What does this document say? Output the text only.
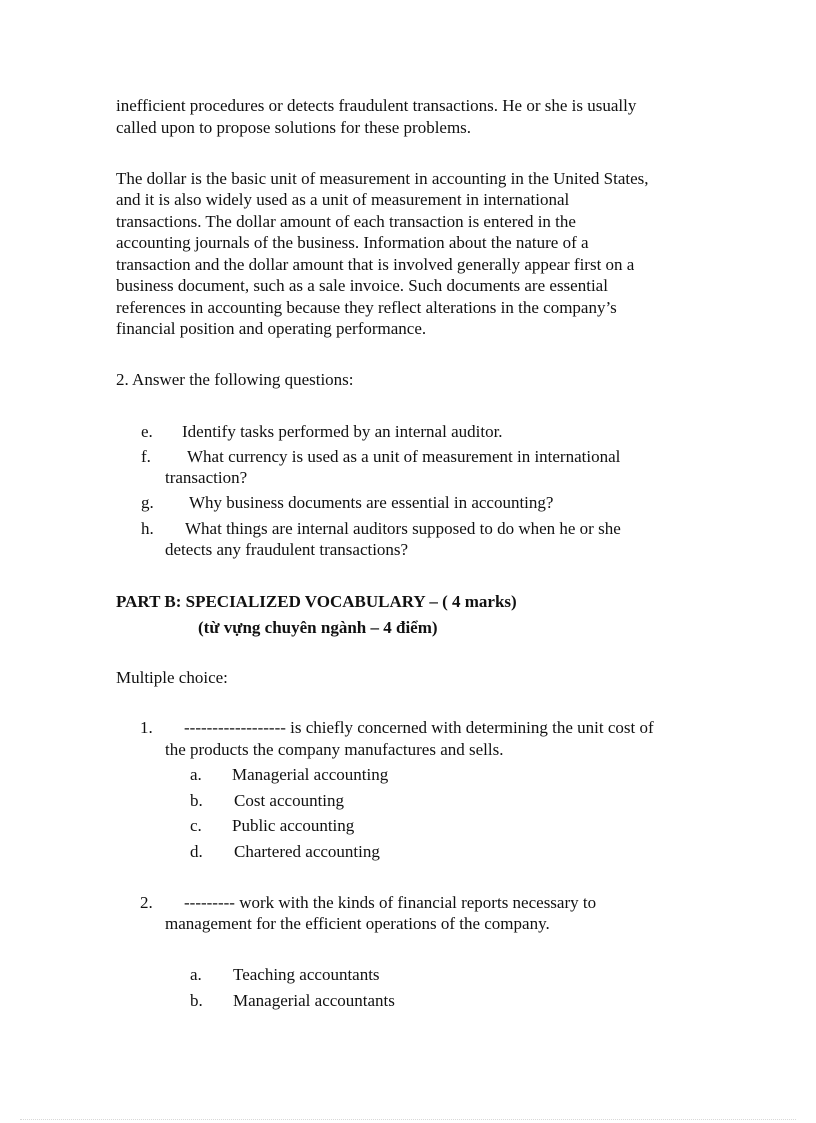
inefficient procedures or detects fraudulent transactions. He or she is usually
called upon to propose solutions for these problems.
The dollar is the basic unit of measurement in accounting in the United States,
and it is also widely used as a unit of measurement in international
transactions. The dollar amount of each transaction is entered in the
accounting journals of the business. Information about the nature of a
transaction and the dollar amount that is involved generally appear first on a
business document, such as a sale invoice. Such documents are essential
references in accounting because they reflect alterations in the company’s
financial position and operating performance.
2. Answer the following questions:
e. Identify tasks performed by an internal auditor.
f. What currency is used as a unit of measurement in international
transaction?
g. Why business documents are essential in accounting?
h. What things are internal auditors supposed to do when he or she
detects any fraudulent transactions?
PART B: SPECIALIZED VOCABULARY – ( 4 marks)
(từ vựng chuyên ngành – 4 điểm)
Multiple choice:
1. ------------------ is chiefly concerned with determining the unit cost of
the products the company manufactures and sells.
a. Managerial accounting
b. Cost accounting
c. Public accounting
d. Chartered accounting
2. --------- work with the kinds of financial reports necessary to
management for the efficient operations of the company.
a. Teaching accountants
b. Managerial accountants
